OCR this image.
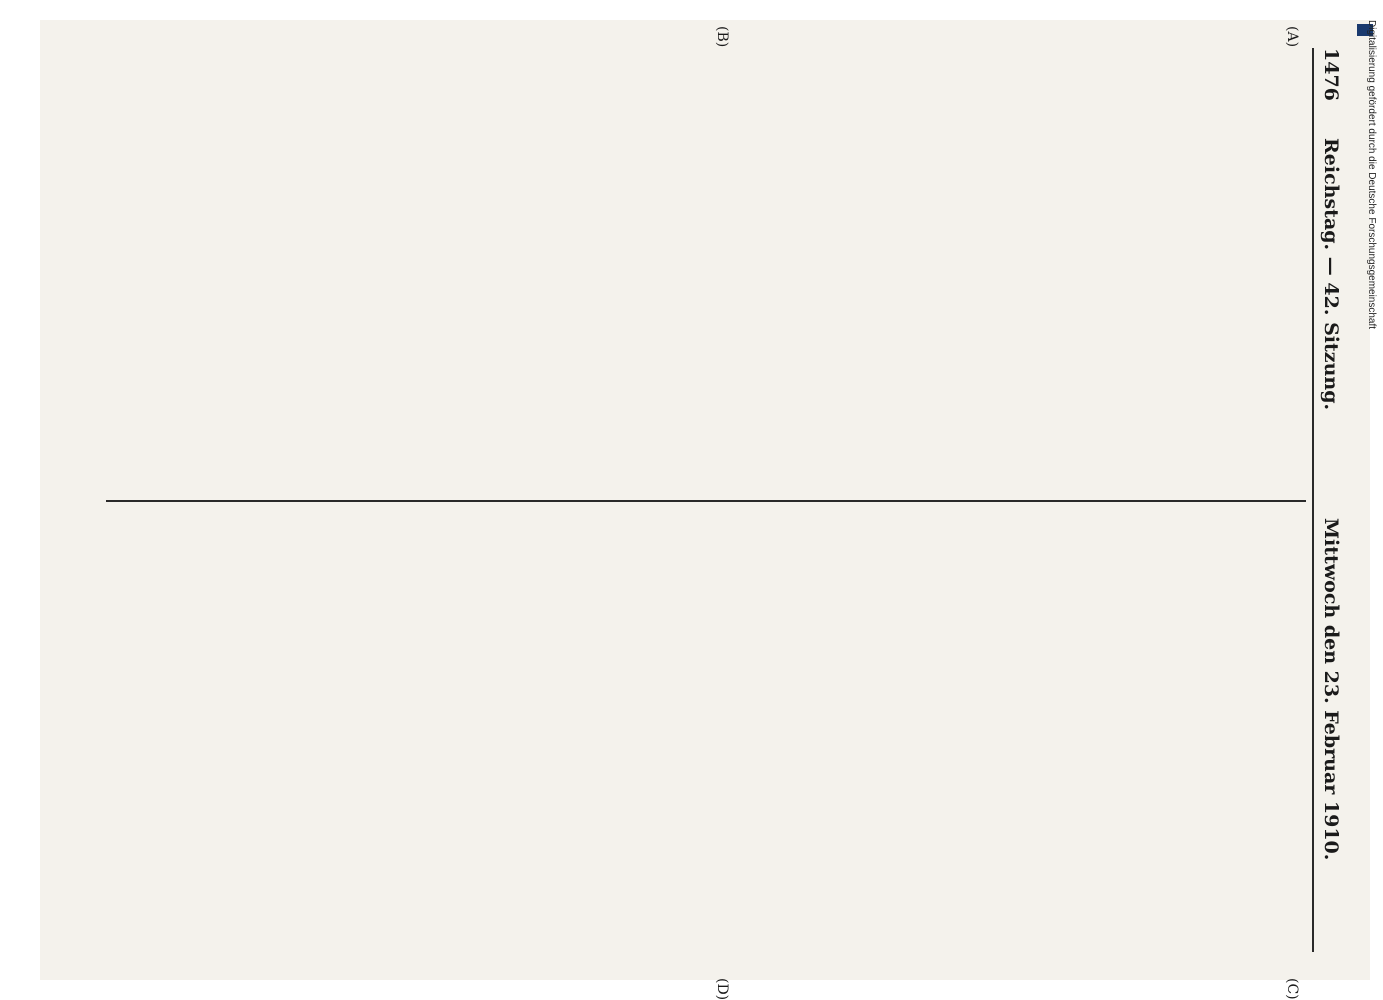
1476
Reichstag. — 42. Sitzung.
Mittwoch den 23. Februar 1910.
(A)
(B)
(C)
(D)

Digitalisierung gefördert durch die Deutsche Forschungsgemeinschaft
